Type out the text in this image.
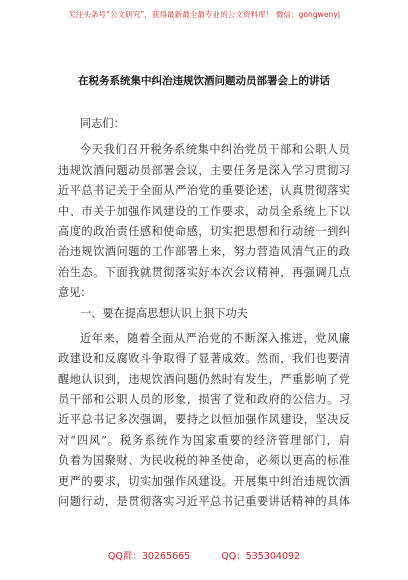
关注头条号“公文研究”，获得最新最全最专业的公文资料库！ 微信：gongwenyj
在税务系统集中纠治违规饮酒问题动员部署会上的讲话
同志们：
今天我们召开税务系统集中纠治党员干部和公职人员
违规饮酒问题动员部署会议，主要任务是深入学习贯彻习
近平总书记关于全面从严治党的重要论述，认真贯彻落实
中、市关于加强作风建设的工作要求，动员全系统上下以
高度的政治责任感和使命感，切实把思想和行动统一到纠
治违规饮酒问题的工作部署上来，努力营造风清气正的政
治生态。下面我就贯彻落实好本次会议精神，再强调几点
意见：
一、要在提高思想认识上狠下功夫
近年来，随着全面从严治党的不断深入推进，党风廉
政建设和反腐败斗争取得了显著成效。然而，我们也要清
醒地认识到，违规饮酒问题仍然时有发生，严重影响了党
员干部和公职人员的形象，损害了党和政府的公信力。习
近平总书记多次强调，要持之以恒加强作风建设，坚决反
对“四风”。税务系统作为国家重要的经济管理部门，肩
负着为国聚财、为民收税的神圣使命，必须以更高的标准
更严的要求，切实加强作风建设。开展集中纠治违规饮酒
问题行动，是贯彻落实习近平总书记重要讲话精神的具体
QQ群：30265665	QQ：535304092
